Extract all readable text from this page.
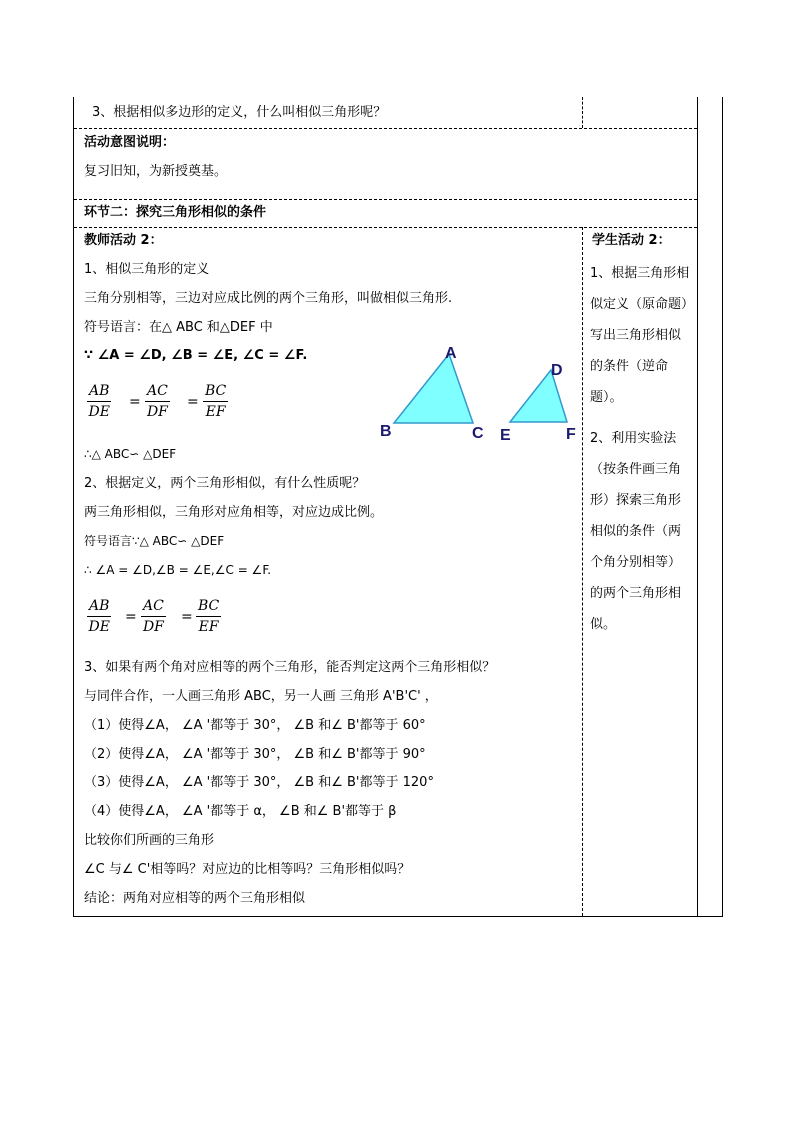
3、根据相似多边形的定义，什么叫相似三角形呢？
活动意图说明：
复习旧知，为新授奠基。
环节二：探究三角形相似的条件
教师活动 2：
1、相似三角形的定义
三角分别相等，三边对应成比例的两个三角形，叫做相似三角形.
符号语言：在△ ABC 和△DEF 中
∵ ∠A = ∠D, ∠B = ∠E, ∠C = ∠F.
$\frac{AB}{DE} = \frac{AC}{DF} = \frac{BC}{EF}$
∴△ ABC∽ △DEF
2、根据定义，两个三角形相似，有什么性质呢？
两三角形相似，三角形对应角相等，对应边成比例。
符号语言∵△ ABC∽ △DEF
∴ ∠A = ∠D,∠B = ∠E,∠C = ∠F.
$\frac{AB}{DE} = \frac{AC}{DF} = \frac{BC}{EF}$
3、如果有两个角对应相等的两个三角形，能否判定这两个三角形相似？
与同伴合作，一人画三角形 ABC，另一人画 三角形 A'B'C' ，
（1）使得∠A， ∠A '都等于 30°， ∠B 和∠ B'都等于 60°
（2）使得∠A， ∠A '都等于 30°， ∠B 和∠ B'都等于 90°
（3）使得∠A， ∠A '都等于 30°， ∠B 和∠ B'都等于 120°
（4）使得∠A， ∠A '都等于 α， ∠B 和∠ B'都等于 β
比较你们所画的三角形
∠C 与∠ C'相等吗？对应边的比相等吗？三角形相似吗？
结论：两角对应相等的两个三角形相似
A
B	C
D
E	F
学生活动 2：

1、根据三角形相

似定义（原命题）

写出三角形相似

的条件（逆命

题）。

2、利用实验法

（按条件画三角

形）探索三角形

相似的条件（两

个角分别相等）

的两个三角形相

似。
